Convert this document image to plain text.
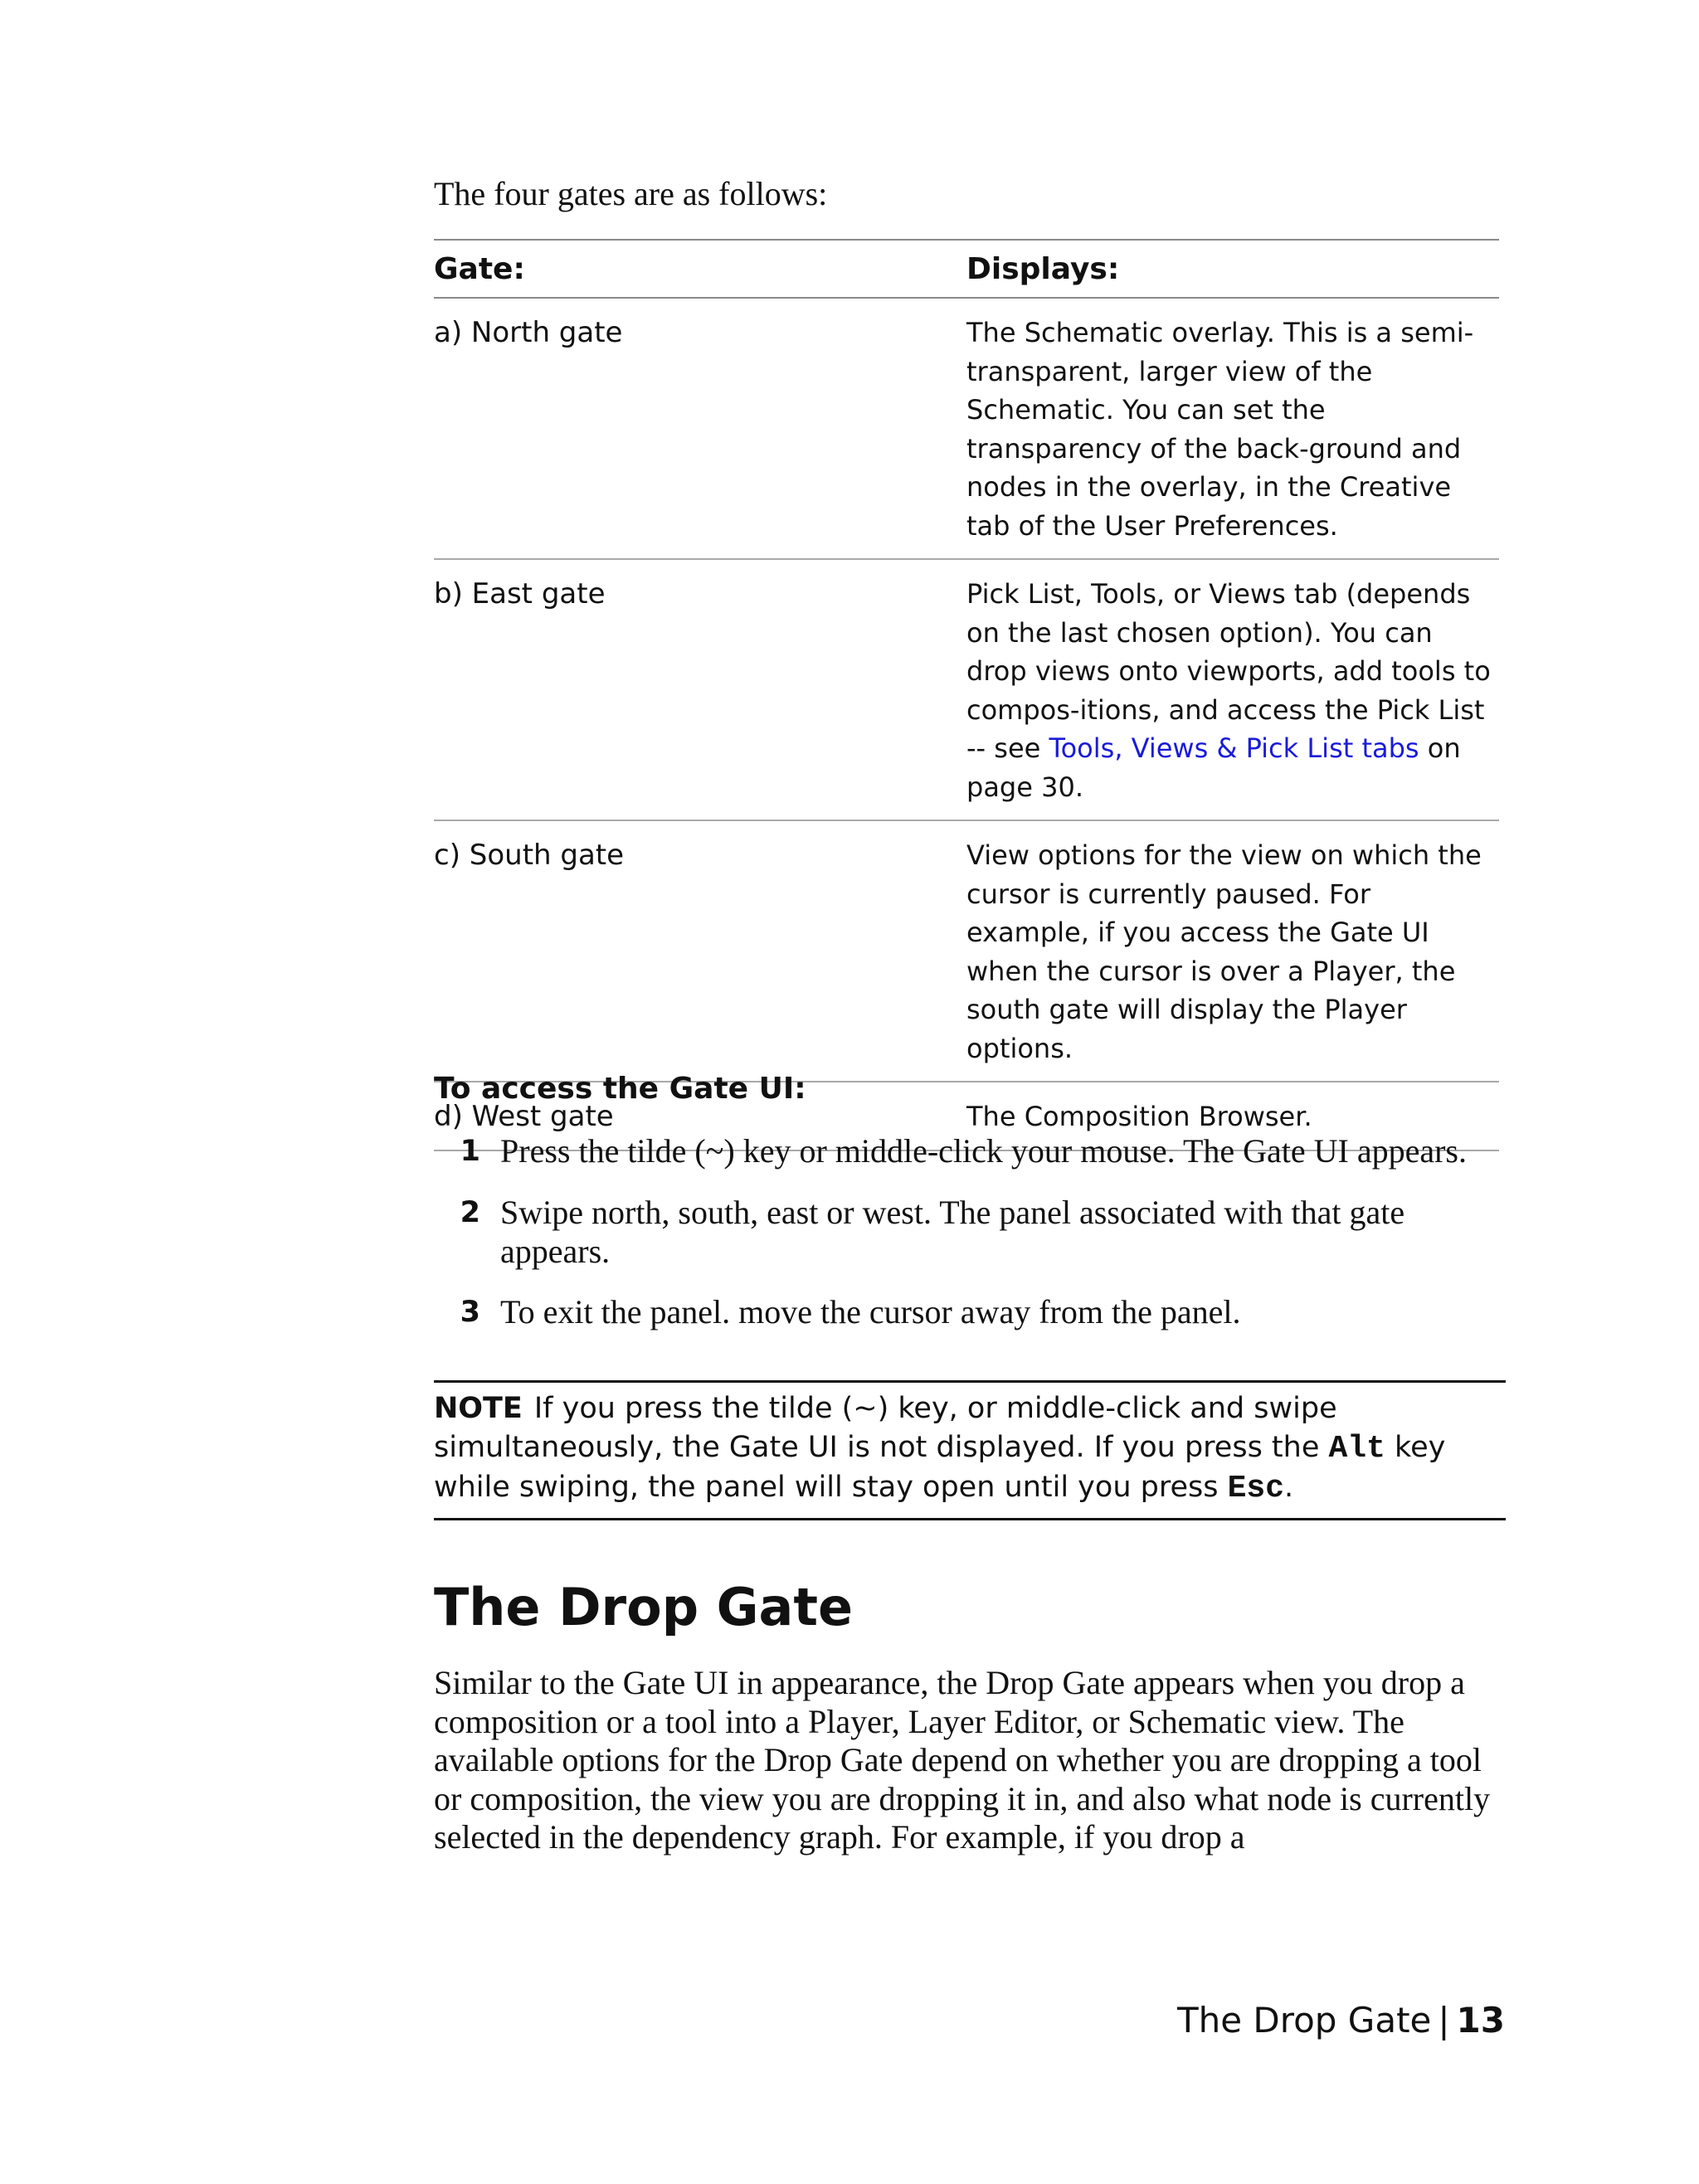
The four gates are as follows:
Gate:	Displays:
a) North gate	The Schematic overlay. This is a semi-transparent, larger view of the Schematic. You can set the transparency of the back-ground and nodes in the overlay, in the Creative tab of the User Preferences.
b) East gate	Pick List, Tools, or Views tab (depends on the last chosen option). You can drop views onto viewports, add tools to compos-itions, and access the Pick List -- see Tools, Views & Pick List tabs on page 30.
c) South gate	View options for the view on which the cursor is currently paused. For example, if you access the Gate UI when the cursor is over a Player, the south gate will display the Player options.
d) West gate	The Composition Browser.
To access the Gate UI:
1 Press the tilde (~) key or middle-click your mouse. The Gate UI appears.
2 Swipe north, south, east or west. The panel associated with that gate appears.
3 To exit the panel. move the cursor away from the panel.
NOTE If you press the tilde (~) key, or middle-click and swipe simultaneously, the Gate UI is not displayed. If you press the Alt key while swiping, the panel will stay open until you press Esc.
The Drop Gate
Similar to the Gate UI in appearance, the Drop Gate appears when you drop a composition or a tool into a Player, Layer Editor, or Schematic view. The available options for the Drop Gate depend on whether you are dropping a tool or composition, the view you are dropping it in, and also what node is currently selected in the dependency graph. For example, if you drop a
The Drop Gate | 13
